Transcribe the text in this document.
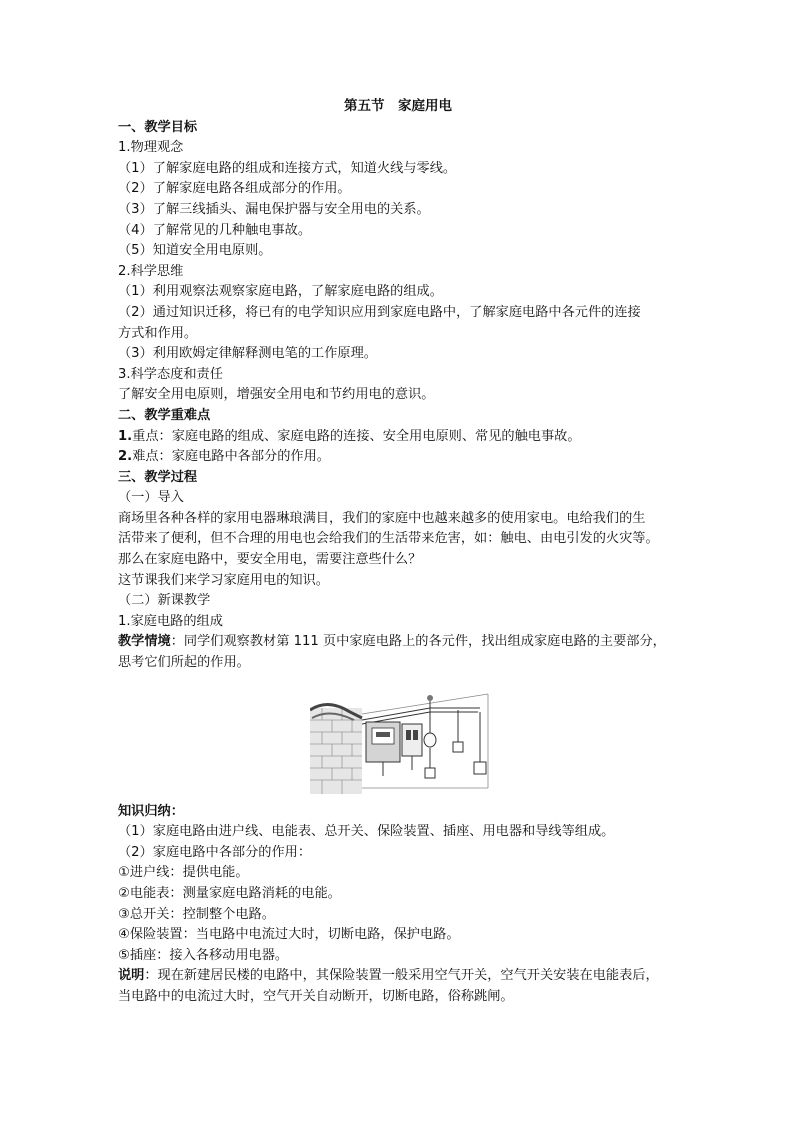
第五节　家庭用电
一、教学目标
1.物理观念
（1）了解家庭电路的组成和连接方式，知道火线与零线。
（2）了解家庭电路各组成部分的作用。
（3）了解三线插头、漏电保护器与安全用电的关系。
（4）了解常见的几种触电事故。
（5）知道安全用电原则。
2.科学思维
（1）利用观察法观察家庭电路，了解家庭电路的组成。
（2）通过知识迁移，将已有的电学知识应用到家庭电路中，了解家庭电路中各元件的连接
方式和作用。
（3）利用欧姆定律解释测电笔的工作原理。
3.科学态度和责任
了解安全用电原则，增强安全用电和节约用电的意识。
二、教学重难点
1.重点：家庭电路的组成、家庭电路的连接、安全用电原则、常见的触电事故。
2.难点：家庭电路中各部分的作用。
三、教学过程
（一）导入
商场里各种各样的家用电器琳琅满目，我们的家庭中也越来越多的使用家电。电给我们的生
活带来了便利，但不合理的用电也会给我们的生活带来危害，如：触电、由电引发的火灾等。
那么在家庭电路中，要安全用电，需要注意些什么？
这节课我们来学习家庭用电的知识。
（二）新课教学
1.家庭电路的组成
教学情境：同学们观察教材第 111 页中家庭电路上的各元件，找出组成家庭电路的主要部分，
思考它们所起的作用。
知识归纳：
（1）家庭电路由进户线、电能表、总开关、保险装置、插座、用电器和导线等组成。
（2）家庭电路中各部分的作用：
①进户线：提供电能。
②电能表：测量家庭电路消耗的电能。
③总开关：控制整个电路。
④保险装置：当电路中电流过大时，切断电路，保护电路。
⑤插座：接入各移动用电器。
说明：现在新建居民楼的电路中，其保险装置一般采用空气开关，空气开关安装在电能表后，
当电路中的电流过大时，空气开关自动断开，切断电路，俗称跳闸。
